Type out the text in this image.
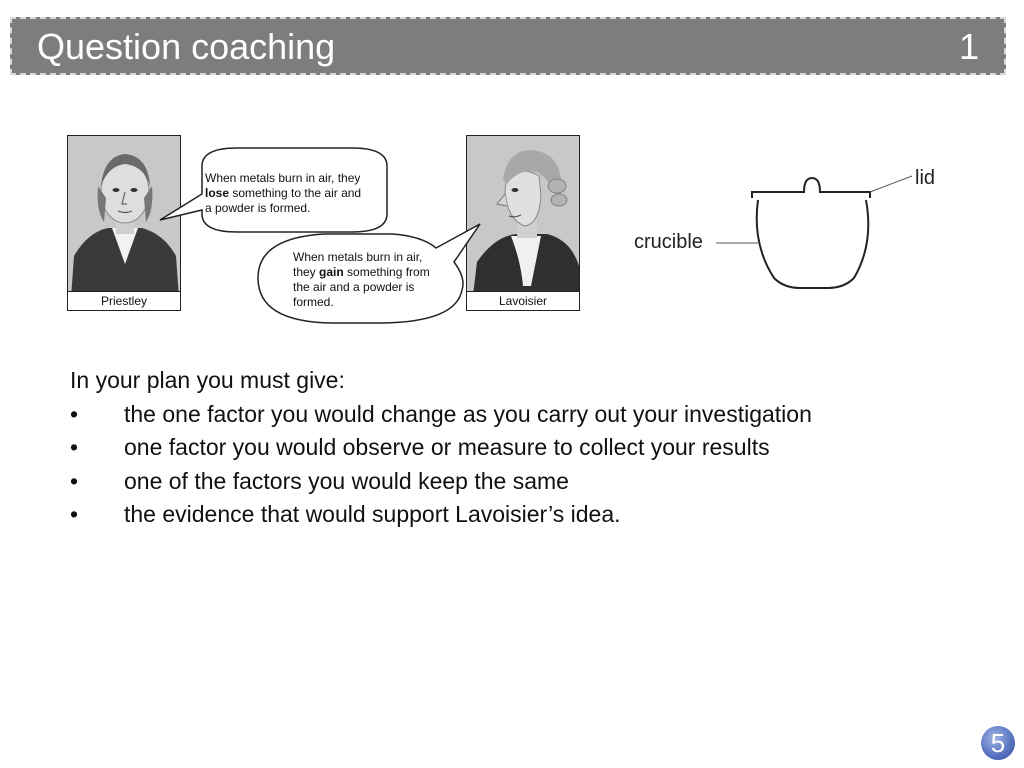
Question coaching	1
Priestley	Lavoisier
When metals burn in air, they
lose something to the air and
a powder is formed.
When metals burn in air,
they gain something from
the air and a powder is
formed.
lid
crucible
In your plan you must give:
• the one factor you would change as you carry out your investigation
• one factor you would observe or measure to collect your results
• one of the factors you would keep the same
• the evidence that would support Lavoisier’s idea.
5
